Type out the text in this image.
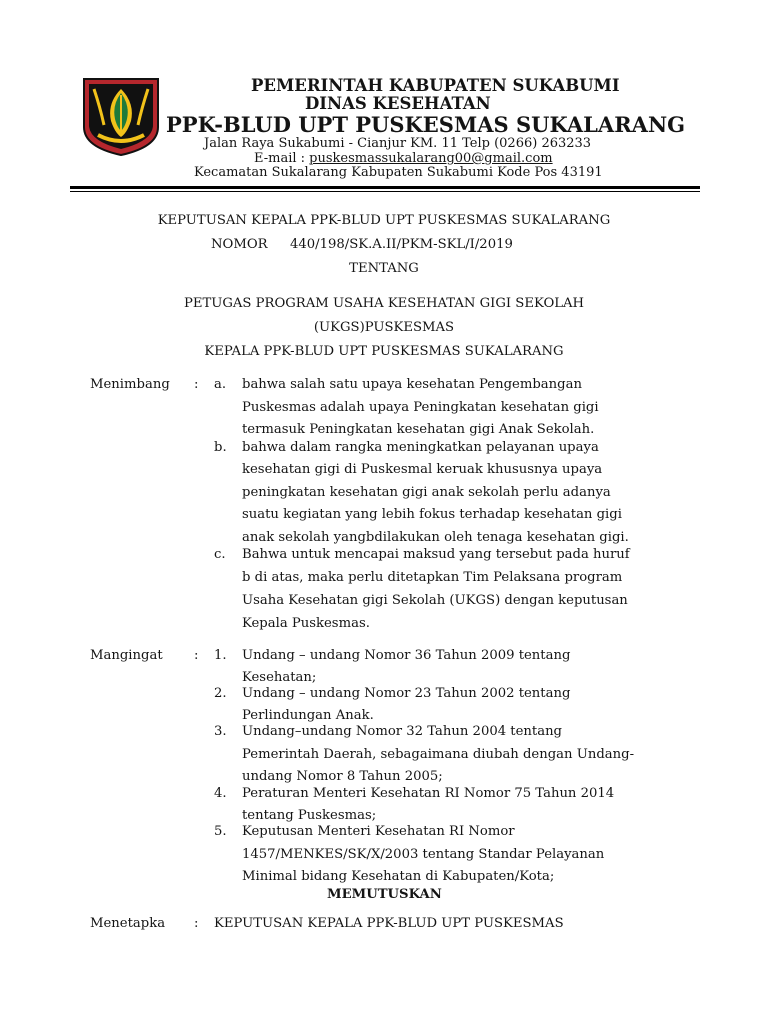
PEMERINTAH KABUPATEN SUKABUMI
DINAS KESEHATAN
PPK-BLUD UPT PUSKESMAS SUKALARANG
Jalan Raya Sukabumi - Cianjur KM. 11 Telp (0266) 263233
E-mail : puskesmassukalarang00@gmail.com
Kecamatan Sukalarang Kabupaten Sukabumi Kode Pos 43191
KEPUTUSAN KEPALA PPK-BLUD UPT PUSKESMAS SUKALARANG
NOMOR 440/198/SK.A.II/PKM-SKL/I/2019
TENTANG
PETUGAS PROGRAM USAHA KESEHATAN GIGI SEKOLAH
(UKGS)PUSKESMAS
KEPALA PPK-BLUD UPT PUSKESMAS SUKALARANG
Menimbang : a. bahwa salah satu upaya kesehatan Pengembangan
Puskesmas adalah upaya Peningkatan kesehatan gigi
termasuk Peningkatan kesehatan gigi Anak Sekolah.
b. bahwa dalam rangka meningkatkan pelayanan upaya
kesehatan gigi di Puskesmal keruak khususnya upaya
peningkatan kesehatan gigi anak sekolah perlu adanya
suatu kegiatan yang lebih fokus terhadap kesehatan gigi
anak sekolah yangbdilakukan oleh tenaga kesehatan gigi.
c. Bahwa untuk mencapai maksud yang tersebut pada huruf
b di atas, maka perlu ditetapkan Tim Pelaksana program
Usaha Kesehatan gigi Sekolah (UKGS) dengan keputusan
Kepala Puskesmas.
Mangingat : 1. Undang – undang Nomor 36 Tahun 2009 tentang
Kesehatan;
2. Undang – undang Nomor 23 Tahun 2002 tentang
Perlindungan Anak.
3. Undang–undang Nomor 32 Tahun 2004 tentang
Pemerintah Daerah, sebagaimana diubah dengan Undang-
undang Nomor 8 Tahun 2005;
4. Peraturan Menteri Kesehatan RI Nomor 75 Tahun 2014
tentang Puskesmas;
5. Keputusan Menteri Kesehatan RI Nomor
1457/MENKES/SK/X/2003 tentang Standar Pelayanan
Minimal bidang Kesehatan di Kabupaten/Kota;
MEMUTUSKAN
Menetapka : KEPUTUSAN KEPALA PPK-BLUD UPT PUSKESMAS
